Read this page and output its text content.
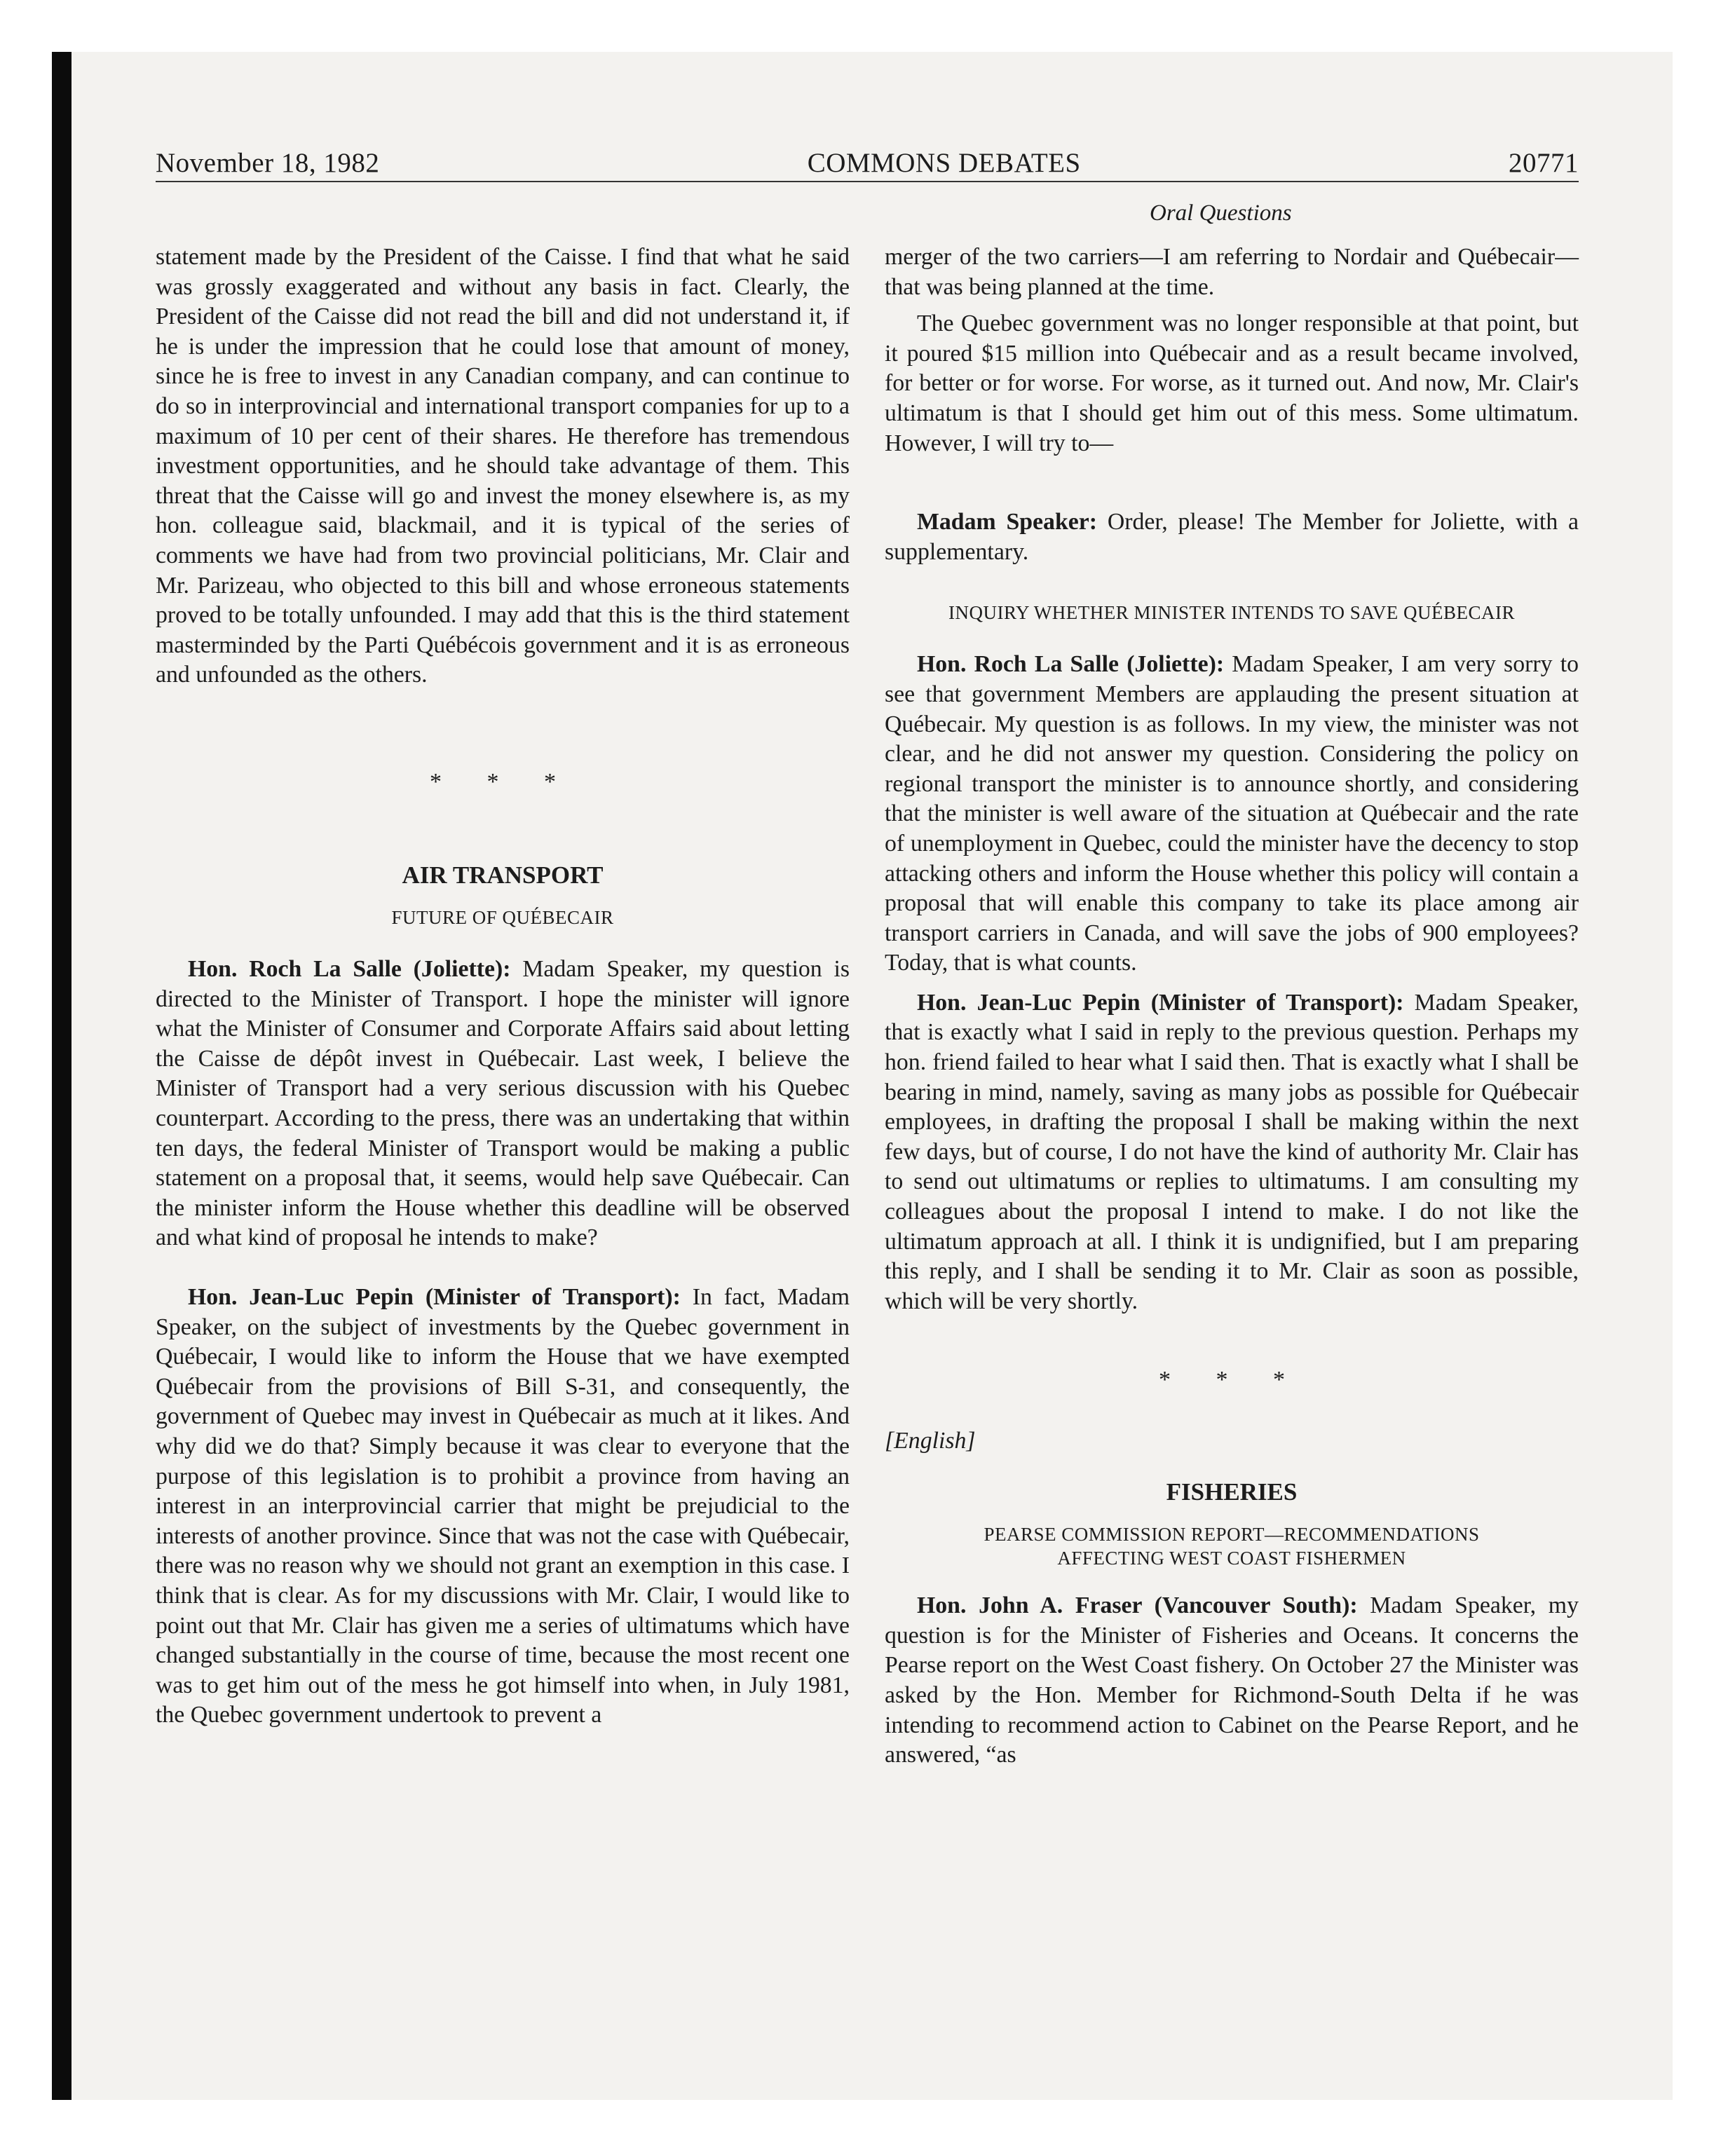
November 18, 1982	COMMONS DEBATES	20771
Oral Questions

statement made by the President of the Caisse. I find that what he said was grossly exaggerated and without any basis in fact. Clearly, the President of the Caisse did not read the bill and did not understand it, if he is under the impression that he could lose that amount of money, since he is free to invest in any Canadian company, and can continue to do so in interprovincial and international transport companies for up to a maximum of 10 per cent of their shares. He therefore has tremendous investment opportunities, and he should take advantage of them. This threat that the Caisse will go and invest the money elsewhere is, as my hon. colleague said, blackmail, and it is typical of the series of comments we have had from two provincial politicians, Mr. Clair and Mr. Parizeau, who objected to this bill and whose erroneous statements proved to be totally unfounded. I may add that this is the third statement masterminded by the Parti Québécois government and it is as erroneous and unfounded as the others.

* * *
AIR TRANSPORT
FUTURE OF QUÉBECAIR

Hon. Roch La Salle (Joliette): Madam Speaker, my question is directed to the Minister of Transport. I hope the minister will ignore what the Minister of Consumer and Corporate Affairs said about letting the Caisse de dépôt invest in Québecair. Last week, I believe the Minister of Transport had a very serious discussion with his Quebec counterpart. According to the press, there was an undertaking that within ten days, the federal Minister of Transport would be making a public statement on a proposal that, it seems, would help save Québecair. Can the minister inform the House whether this deadline will be observed and what kind of proposal he intends to make?

Hon. Jean-Luc Pepin (Minister of Transport): In fact, Madam Speaker, on the subject of investments by the Quebec government in Québecair, I would like to inform the House that we have exempted Québecair from the provisions of Bill S-31, and consequently, the government of Quebec may invest in Québecair as much at it likes. And why did we do that? Simply because it was clear to everyone that the purpose of this legislation is to prohibit a province from having an interest in an interprovincial carrier that might be prejudicial to the interests of another province. Since that was not the case with Québecair, there was no reason why we should not grant an exemption in this case. I think that is clear. As for my discussions with Mr. Clair, I would like to point out that Mr. Clair has given me a series of ultimatums which have changed substantially in the course of time, because the most recent one was to get him out of the mess he got himself into when, in July 1981, the Quebec government undertook to prevent a

merger of the two carriers—I am referring to Nordair and Québecair—that was being planned at the time.

The Quebec government was no longer responsible at that point, but it poured $15 million into Québecair and as a result became involved, for better or for worse. For worse, as it turned out. And now, Mr. Clair's ultimatum is that I should get him out of this mess. Some ultimatum. However, I will try to—

Madam Speaker: Order, please! The Member for Joliette, with a supplementary.

INQUIRY WHETHER MINISTER INTENDS TO SAVE QUÉBECAIR

Hon. Roch La Salle (Joliette): Madam Speaker, I am very sorry to see that government Members are applauding the present situation at Québecair. My question is as follows. In my view, the minister was not clear, and he did not answer my question. Considering the policy on regional transport the minister is to announce shortly, and considering that the minister is well aware of the situation at Québecair and the rate of unemployment in Quebec, could the minister have the decency to stop attacking others and inform the House whether this policy will contain a proposal that will enable this company to take its place among air transport carriers in Canada, and will save the jobs of 900 employees? Today, that is what counts.

Hon. Jean-Luc Pepin (Minister of Transport): Madam Speaker, that is exactly what I said in reply to the previous question. Perhaps my hon. friend failed to hear what I said then. That is exactly what I shall be bearing in mind, namely, saving as many jobs as possible for Québecair employees, in drafting the proposal I shall be making within the next few days, but of course, I do not have the kind of authority Mr. Clair has to send out ultimatums or replies to ultimatums. I am consulting my colleagues about the proposal I intend to make. I do not like the ultimatum approach at all. I think it is undignified, but I am preparing this reply, and I shall be sending it to Mr. Clair as soon as possible, which will be very shortly.

* * *

[English]

FISHERIES
PEARSE COMMISSION REPORT—RECOMMENDATIONS
AFFECTING WEST COAST FISHERMEN

Hon. John A. Fraser (Vancouver South): Madam Speaker, my question is for the Minister of Fisheries and Oceans. It concerns the Pearse report on the West Coast fishery. On October 27 the Minister was asked by the Hon. Member for Richmond-South Delta if he was intending to recommend action to Cabinet on the Pearse Report, and he answered, “as
